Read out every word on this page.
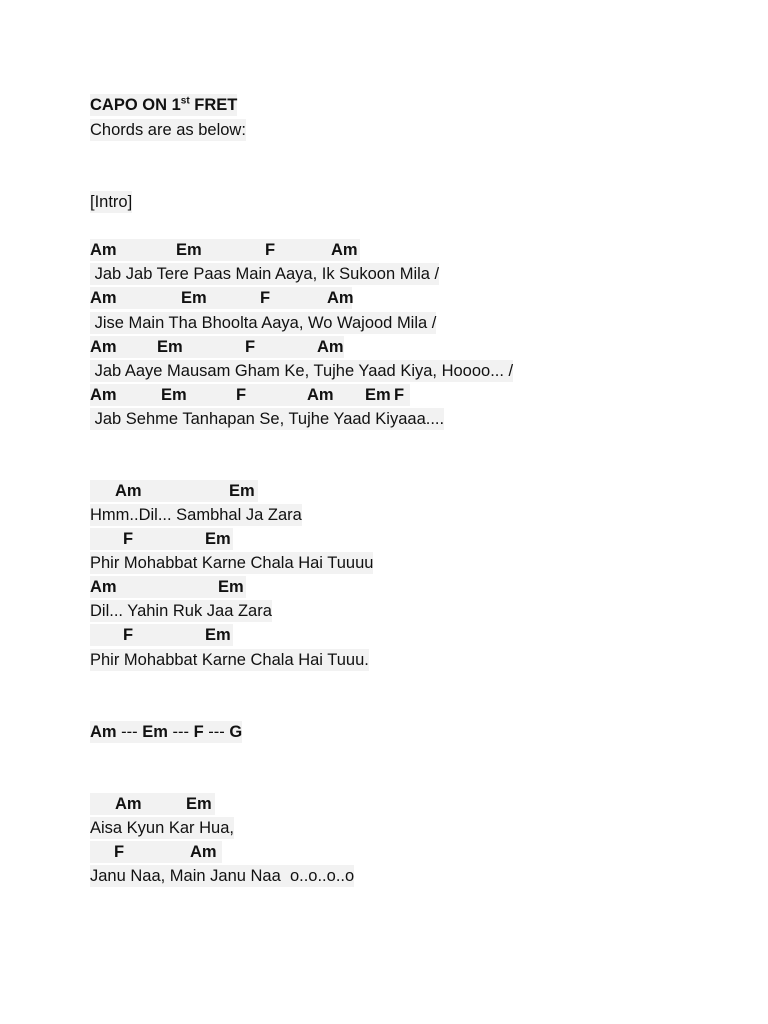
CAPO ON 1st FRET
Chords are as below:
[Intro]
Am	Em	F	Am
Jab Jab Tere Paas Main Aaya, Ik Sukoon Mila /
Am	Em	F	Am
Jise Main Tha Bhoolta Aaya, Wo Wajood Mila /
Am Em	F	Am
Jab Aaye Mausam Gham Ke, Tujhe Yaad Kiya, Hoooo... /
Am	Em	F	Am Em F
Jab Sehme Tanhapan Se, Tujhe Yaad Kiyaaa....
Am	Em
Hmm..Dil... Sambhal Ja Zara
F	Em
Phir Mohabbat Karne Chala Hai Tuuuu
Am	Em
Dil... Yahin Ruk Jaa Zara
F	Em
Phir Mohabbat Karne Chala Hai Tuuu.
Am --- Em --- F --- G
Am	Em
Aisa Kyun Kar Hua,
F	Am
Janu Naa, Main Janu Naa  o..o..o..o
